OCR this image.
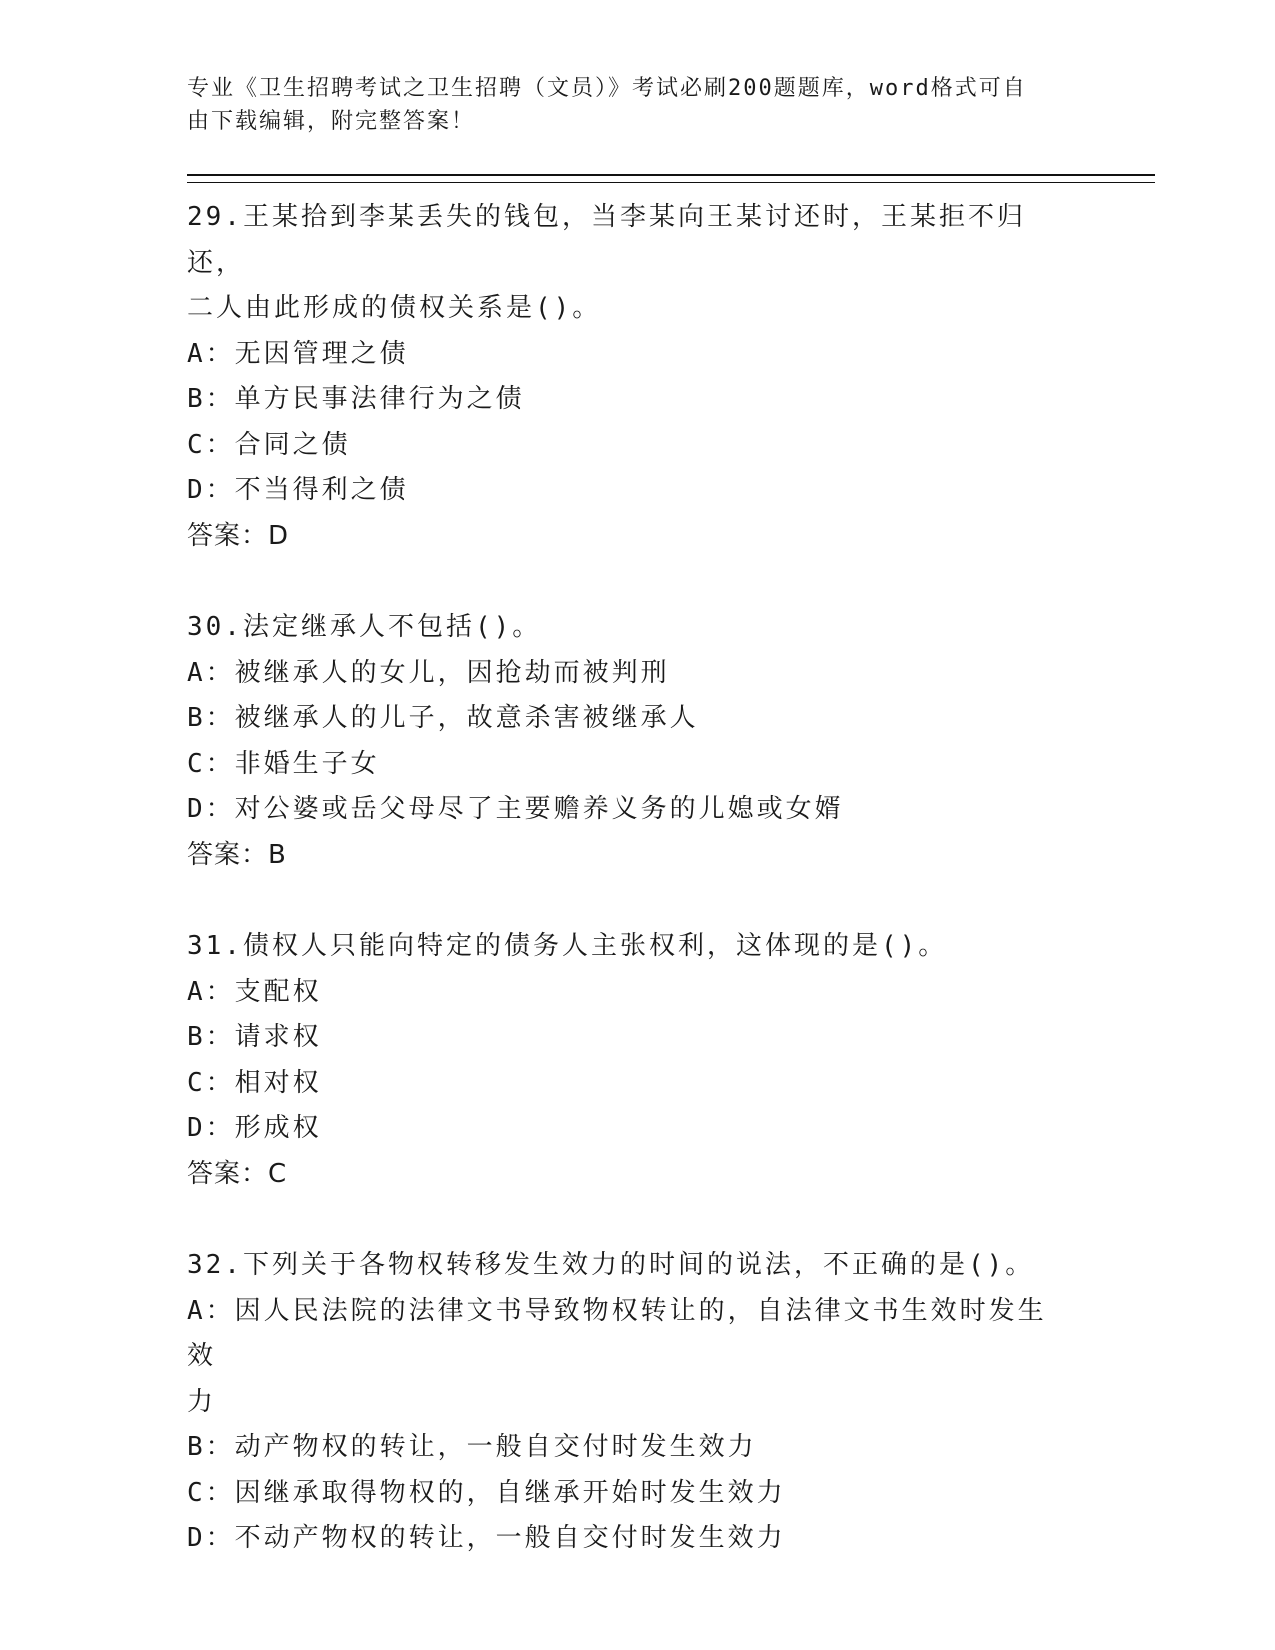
专业《卫生招聘考试之卫生招聘（文员）》考试必刷200题题库，word格式可自
由下载编辑，附完整答案！
29.王某拾到李某丢失的钱包，当李某向王某讨还时，王某拒不归还，
二人由此形成的债权关系是()。
A：无因管理之债
B：单方民事法律行为之债
C：合同之债
D：不当得利之债
答案：D
30.法定继承人不包括()。
A：被继承人的女儿，因抢劫而被判刑
B：被继承人的儿子，故意杀害被继承人
C：非婚生子女
D：对公婆或岳父母尽了主要赡养义务的儿媳或女婿
答案：B
31.债权人只能向特定的债务人主张权利，这体现的是()。
A：支配权
B：请求权
C：相对权
D：形成权
答案：C
32.下列关于各物权转移发生效力的时间的说法，不正确的是()。
A：因人民法院的法律文书导致物权转让的，自法律文书生效时发生效
力
B：动产物权的转让，一般自交付时发生效力
C：因继承取得物权的，自继承开始时发生效力
D：不动产物权的转让，一般自交付时发生效力
